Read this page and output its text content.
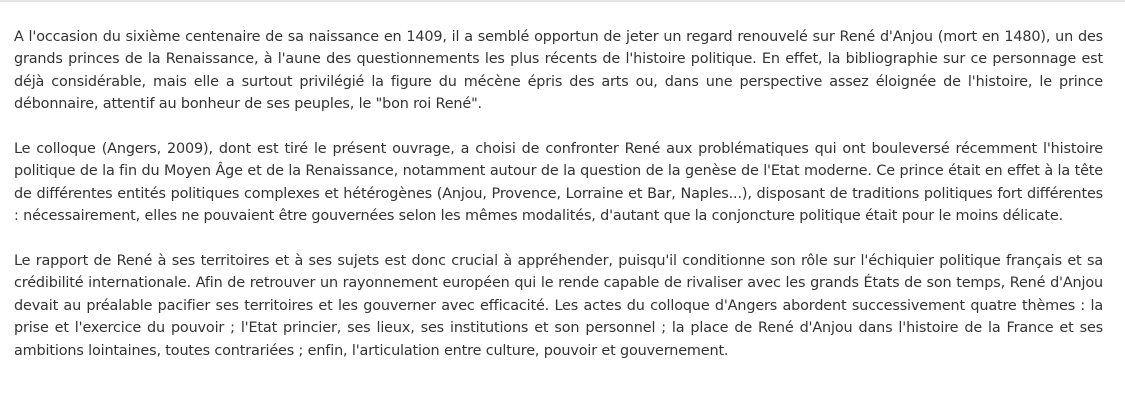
A l'occasion du sixième centenaire de sa naissance en 1409, il a semblé opportun de jeter un regard renouvelé sur René d'Anjou (mort en 1480), un des grands princes de la Renaissance, à l'aune des questionnements les plus récents de l'histoire politique. En effet, la bibliographie sur ce personnage est déjà considérable, mais elle a surtout privilégié la figure du mécène épris des arts ou, dans une perspective assez éloignée de l'histoire, le prince débonnaire, attentif au bonheur de ses peuples, le "bon roi René".

Le colloque (Angers, 2009), dont est tiré le présent ouvrage, a choisi de confronter René aux problématiques qui ont bouleversé récemment l'histoire politique de la fin du Moyen Âge et de la Renaissance, notamment autour de la question de la genèse de l'Etat moderne. Ce prince était en effet à la tête de différentes entités politiques complexes et hétérogènes (Anjou, Provence, Lorraine et Bar, Naples...), disposant de traditions politiques fort différentes : nécessairement, elles ne pouvaient être gouvernées selon les mêmes modalités, d'autant que la conjoncture politique était pour le moins délicate.

Le rapport de René à ses territoires et à ses sujets est donc crucial à appréhender, puisqu'il conditionne son rôle sur l'échiquier politique français et sa crédibilité internationale. Afin de retrouver un rayonnement européen qui le rende capable de rivaliser avec les grands États de son temps, René d'Anjou devait au préalable pacifier ses territoires et les gouverner avec efficacité. Les actes du colloque d'Angers abordent successivement quatre thèmes : la prise et l'exercice du pouvoir ; l'Etat princier, ses lieux, ses institutions et son personnel ; la place de René d'Anjou dans l'histoire de la France et ses ambitions lointaines, toutes contrariées ; enfin, l'articulation entre culture, pouvoir et gouvernement.
